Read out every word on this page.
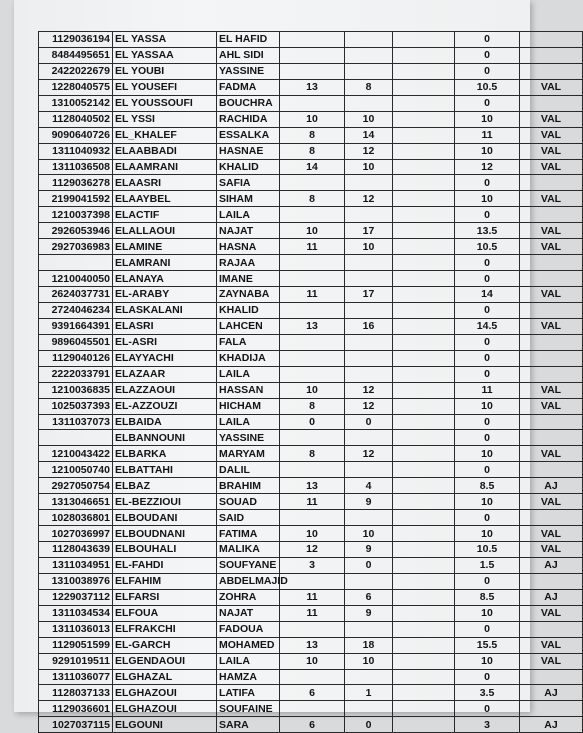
1129036194	EL YASSA	EL HAFID				0	
8484495651	EL YASSAA	AHL SIDI				0	
2422022679	EL YOUBI	YASSINE				0	
1228040575	EL YOUSEFI	FADMA	13	8		10.5	VAL
1310052142	EL YOUSSOUFI	BOUCHRA				0	
1128040502	EL YSSI	RACHIDA	10	10		10	VAL
9090640726	EL_KHALEF	ESSALKA	8	14		11	VAL
1311040932	ELAABBADI	HASNAE	8	12		10	VAL
1311036508	ELAAMRANI	KHALID	14	10		12	VAL
1129036278	ELAASRI	SAFIA				0	
2199041592	ELAAYBEL	SIHAM	8	12		10	VAL
1210037398	ELACTIF	LAILA				0	
2926053946	ELALLAOUI	NAJAT	10	17		13.5	VAL
2927036983	ELAMINE	HASNA	11	10		10.5	VAL
	ELAMRANI	RAJAA				0	
1210040050	ELANAYA	IMANE				0	
2624037731	EL-ARABY	ZAYNABA	11	17		14	VAL
2724046234	ELASKALANI	KHALID				0	
9391664391	ELASRI	LAHCEN	13	16		14.5	VAL
9896045501	EL-ASRI	FALA				0	
1129040126	ELAYYACHI	KHADIJA				0	
2222033791	ELAZAAR	LAILA				0	
1210036835	ELAZZAOUI	HASSAN	10	12		11	VAL
1025037393	EL-AZZOUZI	HICHAM	8	12		10	VAL
1311037073	ELBAIDA	LAILA	0	0		0	
	ELBANNOUNI	YASSINE				0	
1210043422	ELBARKA	MARYAM	8	12		10	VAL
1210050740	ELBATTAHI	DALIL				0	
2927050754	ELBAZ	BRAHIM	13	4		8.5	AJ
1313046651	EL-BEZZIOUI	SOUAD	11	9		10	VAL
1028036801	ELBOUDANI	SAID				0	
1027036997	ELBOUDNANI	FATIMA	10	10		10	VAL
1128043639	ELBOUHALI	MALIKA	12	9		10.5	VAL
1311034951	EL-FAHDI	SOUFYANE	3	0		1.5	AJ
1310038976	ELFAHIM	ABDELMAJID				0	
1229037112	ELFARSI	ZOHRA	11	6		8.5	AJ
1311034534	ELFOUA	NAJAT	11	9		10	VAL
1311036013	ELFRAKCHI	FADOUA				0	
1129051599	EL-GARCH	MOHAMED	13	18		15.5	VAL
9291019511	ELGENDAOUI	LAILA	10	10		10	VAL
1311036077	ELGHAZAL	HAMZA				0	
1128037133	ELGHAZOUI	LATIFA	6	1		3.5	AJ
1129036601	ELGHAZOUI	SOUFAINE				0	
1027037115	ELGOUNI	SARA	6	0		3	AJ
